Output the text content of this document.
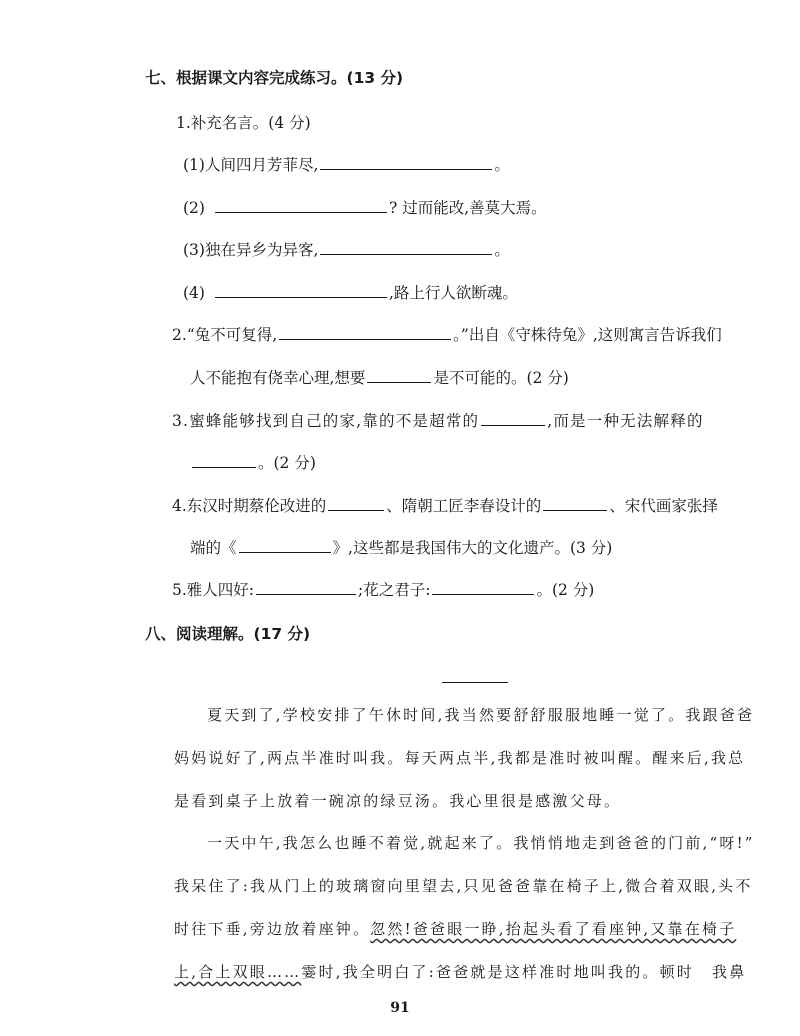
七、根据课文内容完成练习。(13 分)
1.补充名言。(4 分)
(1)人间四月芳菲尽,	。
(2)	? 过而能改,善莫大焉。
(3)独在异乡为异客,	。
(4)	,路上行人欲断魂。
2.“兔不可复得,	。”出自《守株待兔》,这则寓言告诉我们
人不能抱有侥幸心理,想要	是不可能的。(2 分)
3.蜜蜂能够找到自己的家,靠的不是超常的	,而是一种无法解释的
。(2 分)
4.东汉时期蔡伦改进的	、隋朝工匠李春设计的	、宋代画家张择
端的《	》,这些都是我国伟大的文化遗产。(3 分)
5.雅人四好:	;花之君子:	。(2 分)
八、阅读理解。(17 分)
夏天到了,学校安排了午休时间,我当然要舒舒服服地睡一觉了。我跟爸爸
妈妈说好了,两点半准时叫我。每天两点半,我都是准时被叫醒。醒来后,我总
是看到桌子上放着一碗凉的绿豆汤。我心里很是感激父母。
一天中午,我怎么也睡不着觉,就起来了。我悄悄地走到爸爸的门前,“呀!”
我呆住了:我从门上的玻璃窗向里望去,只见爸爸靠在椅子上,微合着双眼,头不
时往下垂,旁边放着座钟。忽然!爸爸眼一睁,抬起头看了看座钟,又靠在椅子
上,合上双眼……霎时,我全明白了:爸爸就是这样准时地叫我的。顿时 我鼻
91
